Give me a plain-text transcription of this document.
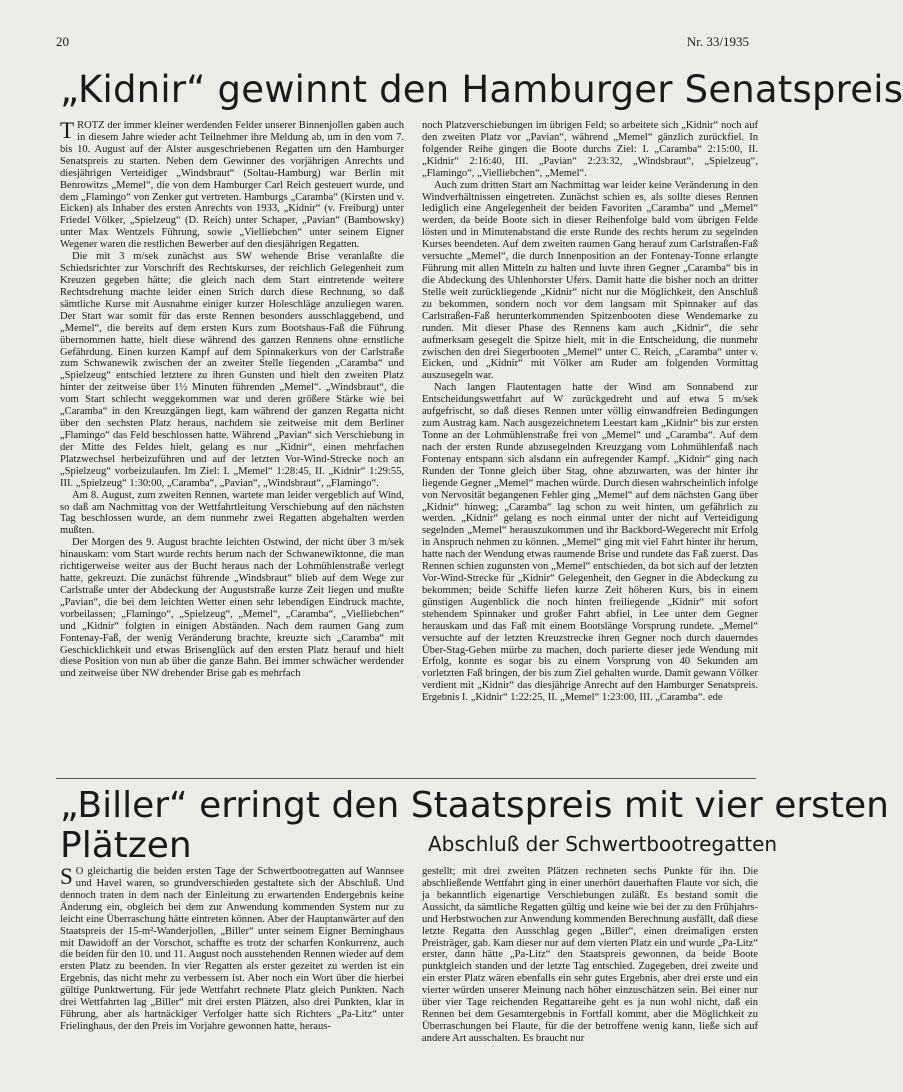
20	Nr. 33/1935
„Kidnir“ gewinnt den Hamburger Senatspreis

TROTZ der immer kleiner werdenden Felder unserer Binnenjollen gaben auch in diesem Jahre wieder acht Teilnehmer ihre Meldung ab, um in den vom 7. bis 10. August auf der Alster ausgeschriebenen Regatten um den Hamburger Senatspreis zu starten. Neben dem Gewinner des vorjährigen Anrechts und diesjährigen Verteidiger „Windsbraut“ (Soltau-Hamburg) war Berlin mit Benrowitzs „Memel“, die von dem Hamburger Carl Reich gesteuert wurde, und dem „Flamingo“ von Zenker gut vertreten. Hamburgs „Caramba“ (Kirsten und v. Eicken) als Inhaber des ersten Anrechts von 1933, „Kidnir“ (v. Freiburg) unter Friedel Völker, „Spielzeug“ (D. Reich) unter Schaper, „Pavian“ (Bambowsky) unter Max Wentzels Führung, sowie „Vielliebchen“ unter seinem Eigner Wegener waren die restlichen Bewerber auf den diesjährigen Regatten.

Die mit 3 m/sek zunächst aus SW wehende Brise veranlaßte die Schiedsrichter zur Vorschrift des Rechtskurses, der reichlich Gelegenheit zum Kreuzen gegeben hätte; die gleich nach dem Start eintretende weitere Rechtsdrehung machte leider einen Strich durch diese Rechnung, so daß sämtliche Kurse mit Ausnahme einiger kurzer Holeschläge anzuliegen waren. Der Start war somit für das erste Rennen besonders ausschlaggebend, und „Memel“, die bereits auf dem ersten Kurs zum Bootshaus-Faß die Führung übernommen hatte, hielt diese während des ganzen Rennens ohne ernstliche Gefährdung. Einen kurzen Kampf auf dem Spinnakerkurs von der Carlstraße zum Schwanewik zwischen der an zweiter Stelle liegenden „Caramba“ und „Spielzeug“ entschied letztere zu ihren Gunsten und hielt den zweiten Platz hinter der zeitweise über 1½ Minuten führenden „Memel“. „Windsbraut“, die vom Start schlecht weggekommen war und deren größere Stärke wie bei „Caramba“ in den Kreuzgängen liegt, kam während der ganzen Regatta nicht über den sechsten Platz heraus, nachdem sie zeitweise mit dem Berliner „Flamingo“ das Feld beschlossen hatte. Während „Pavian“ sich Verschiebung in der Mitte des Feldes hielt, gelang es nur „Kidnir“, einen mehrfachen Platzwechsel herbeizuführen und auf der letzten Vor-Wind-Strecke noch an „Spielzeug“ vorbeizulaufen. Im Ziel: I. „Memel“ 1:28:45, II. „Kidnir“ 1:29:55, III. „Spielzeug“ 1:30:00, „Caramba“, „Pavian“, „Windsbraut“, „Flamingo“.

Am 8. August, zum zweiten Rennen, wartete man leider vergeblich auf Wind, so daß am Nachmittag von der Wettfahrtleitung Verschiebung auf den nächsten Tag beschlossen wurde, an dem nunmehr zwei Regatten abgehalten werden mußten.

Der Morgen des 9. August brachte leichten Ostwind, der nicht über 3 m/sek hinauskam: vom Start wurde rechts herum nach der Schwanewiktonne, die man richtigerweise weiter aus der Bucht heraus nach der Lohmühlenstraße verlegt hatte, gekreuzt. Die zunächst führende „Windsbraut“ blieb auf dem Wege zur Carlstraße unter der Abdeckung der Auguststraße kurze Zeit liegen und mußte „Pavian“, die bei dem leichten Wetter einen sehr lebendigen Eindruck machte, vorbeilassen; „Flamingo“, „Spielzeug“, „Memel“, „Caramba“, „Vielliebchen“ und „Kidnir“ folgten in einigen Abständen. Nach dem raumen Gang zum Fontenay-Faß, der wenig Veränderung brachte, kreuzte sich „Caramba“ mit Geschicklichkeit und etwas Brisenglück auf den ersten Platz herauf und hielt diese Position von nun ab über die ganze Bahn. Bei immer schwächer werdender und zeitweise über NW drehender Brise gab es mehrfach

noch Platzverschiebungen im übrigen Feld; so arbeitete sich „Kidnir“ noch auf den zweiten Platz vor „Pavian“, während „Memel“ gänzlich zurückfiel. In folgender Reihe gingen die Boote durchs Ziel: I. „Caramba“ 2:15:00, II. „Kidnir“ 2:16:40, III. „Pavian“ 2:23:32, „Windsbraut“, „Spielzeug“, „Flamingo“, „Vielliebchen“, „Memel“.

Auch zum dritten Start am Nachmittag war leider keine Veränderung in den Windverhältnissen eingetreten. Zunächst schien es, als sollte dieses Rennen lediglich eine Angelegenheit der beiden Favoriten „Caramba“ und „Memel“ werden, da beide Boote sich in dieser Reihenfolge bald vom übrigen Felde lösten und in Minutenabstand die erste Runde des rechts herum zu segelnden Kurses beendeten. Auf dem zweiten raumen Gang herauf zum Carlstraßen-Faß versuchte „Memel“, die durch Innenposition an der Fontenay-Tonne erlangte Führung mit allen Mitteln zu halten und luvte ihren Gegner „Caramba“ bis in die Abdeckung des Uhlenhorster Ufers. Damit hatte die bisher noch an dritter Stelle weit zurückliegende „Kidnir“ nicht nur die Möglichkeit, den Anschluß zu bekommen, sondern noch vor dem langsam mit Spinnaker auf das Carlstraßen-Faß herunterkommenden Spitzenbooten diese Wendemarke zu runden. Mit dieser Phase des Rennens kam auch „Kidnir“, die sehr aufmerksam gesegelt die Spitze hielt, mit in die Entscheidung, die nunmehr zwischen den drei Siegerbooten „Memel“ unter C. Reich, „Caramba“ unter v. Eicken, und „Kidnir“ mit Völker am Ruder am folgenden Vormittag auszusegeln war.

Nach langen Flautentagen hatte der Wind am Sonnabend zur Entscheidungswettfahrt auf W zurückgedreht und auf etwa 5 m/sek aufgefrischt, so daß dieses Rennen unter völlig einwandfreien Bedingungen zum Austrag kam. Nach ausgezeichnetem Leestart kam „Kidnir“ bis zur ersten Tonne an der Lohmühlenstraße frei von „Memel“ und „Caramba“. Auf dem nach der ersten Runde abzusegelnden Kreuzgang vom Lohmühlenfaß nach Fontenay entspann sich alsdann ein aufregender Kampf. „Kidnir“ ging nach Runden der Tonne gleich über Stag, ohne abzuwarten, was der hinter ihr liegende Gegner „Memel“ machen würde. Durch diesen wahrscheinlich infolge von Nervosität begangenen Fehler ging „Memel“ auf dem nächsten Gang über „Kidnir“ hinweg; „Caramba“ lag schon zu weit hinten, um gefährlich zu werden. „Kidnir“ gelang es noch einmal unter der nicht auf Verteidigung segelnden „Memel“ herauszukommen und ihr Backbord-Wegerecht mit Erfolg in Anspruch nehmen zu können. „Memel“ ging mit viel Fahrt hinter ihr herum, hatte nach der Wendung etwas raumende Brise und rundete das Faß zuerst. Das Rennen schien zugunsten von „Memel“ entschieden, da bot sich auf der letzten Vor-Wind-Strecke für „Kidnir“ Gelegenheit, den Gegner in die Abdeckung zu bekommen; beide Schiffe liefen kurze Zeit höheren Kurs, bis in einem günstigen Augenblick die noch hinten freiliegende „Kidnir“ mit sofort stehendem Spinnaker und großer Fahrt abfiel, in Lee unter dem Gegner herauskam und das Faß mit einem Bootslänge Vorsprung rundete. „Memel“ versuchte auf der letzten Kreuzstrecke ihren Gegner noch durch dauerndes Über-Stag-Gehen mürbe zu machen, doch parierte dieser jede Wendung mit Erfolg, konnte es sogar bis zu einem Vorsprung von 40 Sekunden am vorletzten Faß bringen, der bis zum Ziel gehalten wurde. Damit gewann Völker verdient mit „Kidnir“ das diesjährige Anrecht auf den Hamburger Senatspreis. Ergebnis I. „Kidnir“ 1:22:25, II. „Memel“ 1:23:00, III. „Caramba“. ede

„Biller“ erringt den Staatspreis mit vier ersten
Plätzen	Abschluß der Schwertbootregatten

S O gleichartig die beiden ersten Tage der Schwertbootregatten auf Wannsee und Havel waren, so grundverschieden gestaltete sich der Abschluß. Und dennoch traten in dem nach der Einleitung zu erwartenden Endergebnis keine Änderung ein, obgleich bei dem zur Anwendung kommenden System nur zu leicht eine Überraschung hätte eintreten können. Aber der Hauptanwärter auf den Staatspreis der 15-m²-Wanderjollen, „Biller“ unter seinem Eigner Berninghaus mit Dawidoff an der Vorschot, schaffte es trotz der scharfen Konkurrenz, auch die beiden für den 10. und 11. August noch ausstehenden Rennen wieder auf dem ersten Platz zu beenden. In vier Regatten als erster gezeitet zu werden ist ein Ergebnis, das nicht mehr zu verbessern ist. Aber noch ein Wort über die hierbei gültige Punktwertung. Für jede Wettfahrt rechnete Platz gleich Punkten. Nach drei Wettfahrten lag „Biller“ mit drei ersten Plätzen, also drei Punkten, klar in Führung, aber als hartnäckiger Verfolger hatte sich Richters „Pa-Litz“ unter Frielinghaus, der den Preis im Vorjahre gewonnen hatte, heraus-

gestellt; mit drei zweiten Plätzen rechneten sechs Punkte für ihn. Die abschließende Wettfahrt ging in einer unerhört dauerhaften Flaute vor sich, die ja bekanntlich eigenartige Verschiebungen zuläßt. Es bestand somit die Aussicht, da sämtliche Regatten gültig und keine wie bei der zu den Frühjahrs- und Herbstwochen zur Anwendung kommenden Berechnung ausfällt, daß diese letzte Regatta den Ausschlag gegen „Biller“, einen dreimaligen ersten Preisträger, gab. Kam dieser nur auf dem vierten Platz ein und wurde „Pa-Litz“ erster, dann hätte „Pa-Litz“ den Staatspreis gewonnen, da beide Boote punktgleich standen und der letzte Tag entschied. Zugegeben, drei zweite und ein erster Platz wären ebenfalls ein sehr gutes Ergebnis, aber drei erste und ein vierter würden unserer Meinung nach höher einzuschätzen sein. Bei einer nur über vier Tage reichenden Regattareihe geht es ja nun wohl nicht, daß ein Rennen bei dem Gesamtergebnis in Fortfall kommt, aber die Möglichkeit zu Überraschungen bei Flaute, für die der betroffene wenig kann, ließe sich auf andere Art ausschalten. Es braucht nur
